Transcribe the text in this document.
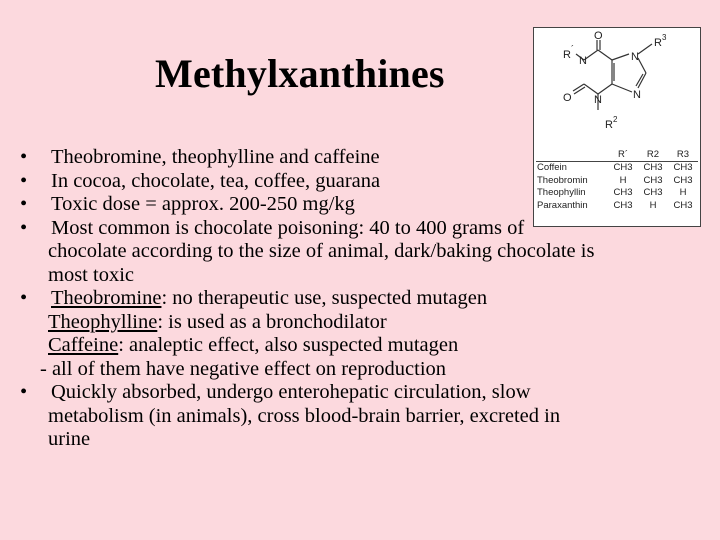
Methylxanthines
• Theobromine, theophylline and caffeine
• In cocoa, chocolate, tea, coffee, guarana
• Toxic dose = approx. 200-250 mg/kg
• Most common is chocolate poisoning: 40 to 400 grams of
chocolate according to the size of animal, dark/baking chocolate is
most toxic
• Theobromine: no therapeutic use, suspected mutagen
Theophylline: is used as a bronchodilator
Caffeine: analeptic effect, also suspected mutagen
- all of them have negative effect on reproduction
• Quickly absorbed, undergo enterohepatic circulation, slow
metabolism (in animals), cross blood-brain barrier, excreted in
urine
O
O
N
N
N
N
R ´
R 2
R 3
	R´	R2	R3
Coffein	CH3	CH3	CH3
Theobromin	H	CH3	CH3
Theophyllin	CH3	CH3	H
Paraxanthin	CH3	H	CH3
